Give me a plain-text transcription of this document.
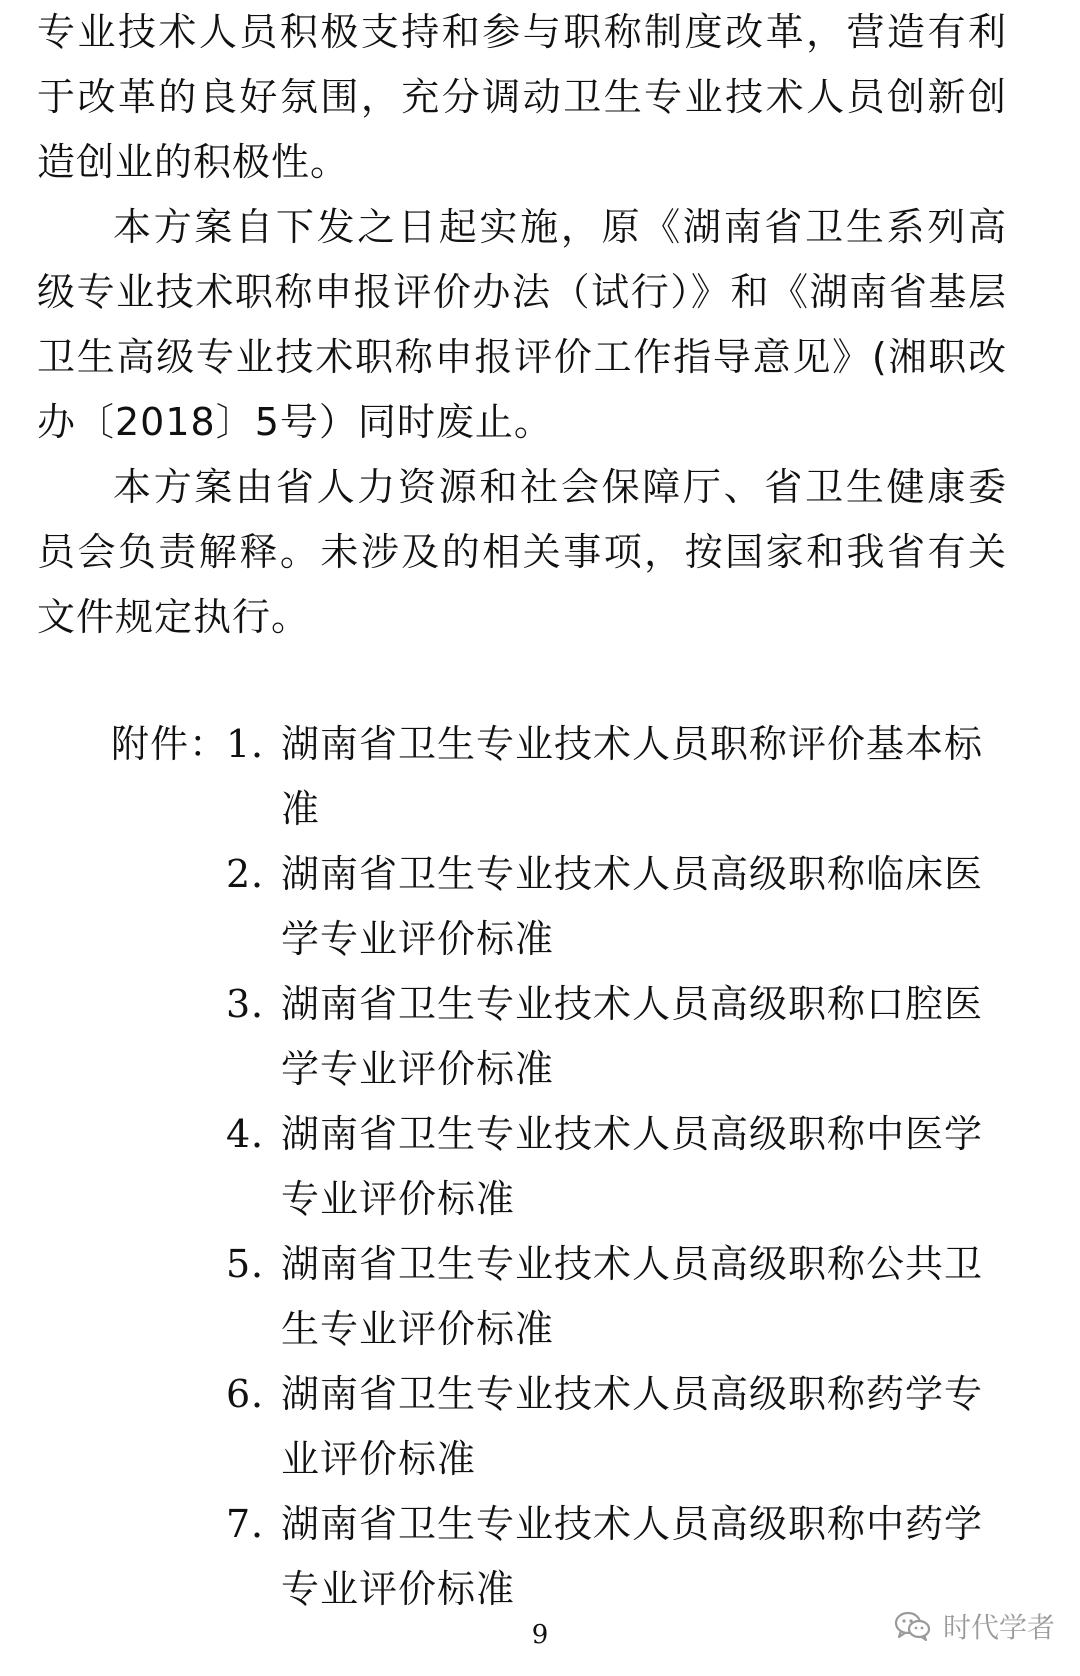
专业技术人员积极支持和参与职称制度改革，营造有利于改革的良好氛围，充分调动卫生专业技术人员创新创造创业的积极性。

本方案自下发之日起实施，原《湖南省卫生系列高级专业技术职称申报评价办法（试行）》和《湖南省基层卫生高级专业技术职称申报评价工作指导意见》(湘职改办〔2018〕5号）同时废止。

本方案由省人力资源和社会保障厅、省卫生健康委员会负责解释。未涉及的相关事项，按国家和我省有关文件规定执行。

附件：
1．
湖南省卫生专业技术人员职称评价基本标准
2．
湖南省卫生专业技术人员高级职称临床医学专业评价标准
3．
湖南省卫生专业技术人员高级职称口腔医学专业评价标准
4．
湖南省卫生专业技术人员高级职称中医学专业评价标准
5．
湖南省卫生专业技术人员高级职称公共卫生专业评价标准
6．
湖南省卫生专业技术人员高级职称药学专业评价标准
7．
湖南省卫生专业技术人员高级职称中药学专业评价标准
时代学者
9
